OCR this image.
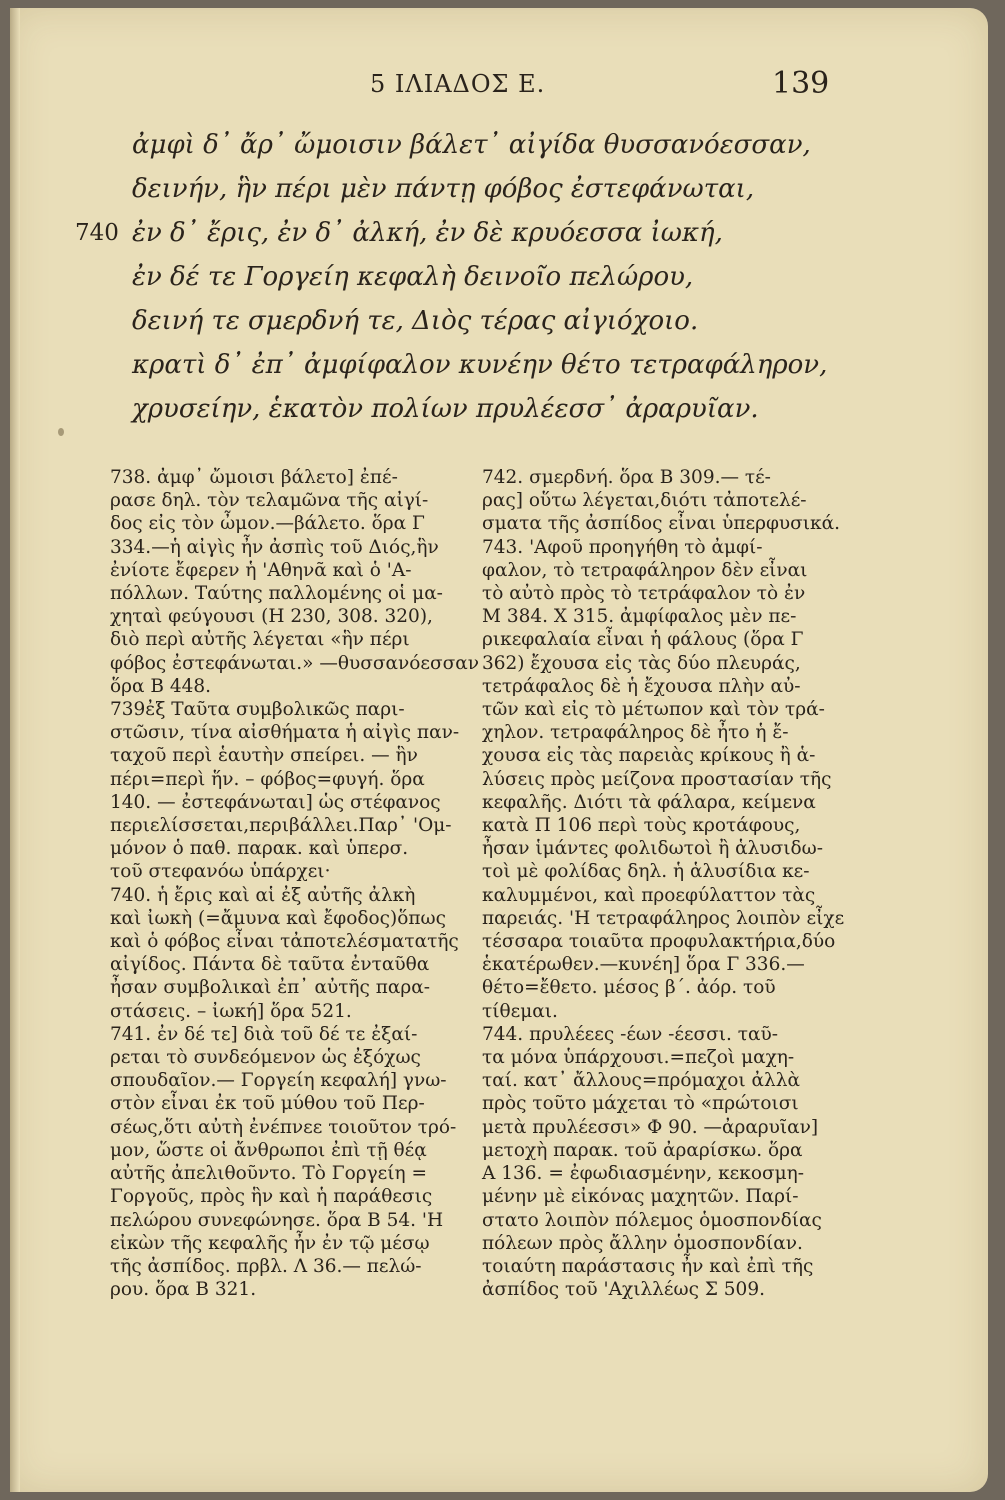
5 ΙΛΙΑΔΟΣ Ε.	139
ἀμφὶ δ᾽ ἄρ᾽ ὤμοισιν βάλετ᾽ αἰγίδα θυσσανόεσσαν,
δεινήν, ἣν πέρι μὲν πάντῃ φόβος ἐστεφάνωται,
740 ἐν δ᾽ ἔρις, ἐν δ᾽ ἀλκή, ἐν δὲ κρυόεσσα ἰωκή,
ἐν δέ τε Γοργείη κεφαλὴ δεινοῖο πελώρου,
δεινή τε σμερδνή τε, Διὸς τέρας αἰγιόχοιο.
κρατὶ δ᾽ ἐπ᾽ ἀμφίφαλον κυνέην θέτο τετραφάληρον,
χρυσείην, ἑκατὸν πολίων πρυλέεσσ᾽ ἀραρυῖαν.

738. ἀμφ᾽ ὤμοισι βάλετο] ἐπέ-

ρασε δηλ. τὸν τελαμῶνα τῆς αἰγί-

δος εἰς τὸν ὦμον.—βάλετο. ὅρα Γ

334.—ἡ αἰγὶς ἦν ἀσπὶς τοῦ Διός,ἣν

ἐνίοτε ἔφερεν ἡ 'Αθηνᾶ καὶ ὁ 'Α-

πόλλων. Ταύτης παλλομένης οἱ μα-

χηταὶ φεύγουσι (Η 230, 308. 320),

διὸ περὶ αὐτῆς λέγεται «ἣν πέρι

φόβος ἐστεφάνωται.» —θυσσανόεσσαν

ὅρα Β 448.

739ἐξ Ταῦτα συμβολικῶς παρι-

στῶσιν, τίνα αἰσθήματα ἡ αἰγὶς παν-

ταχοῦ περὶ ἑαυτὴν σπείρει. — ἣν

πέρι=περὶ ἥν. – φόβος=φυγή. ὅρα

140. — ἐστεφάνωται] ὡς στέφανος

περιελίσσεται,περιβάλλει.Παρ᾽ 'Ομ-

μόνον ὁ παθ. παρακ. καὶ ὑπερσ.

τοῦ στεφανόω ὑπάρχει·

740. ἡ ἔρις καὶ αἱ ἐξ αὐτῆς ἀλκὴ

καὶ ἰωκὴ (=ἄμυνα καὶ ἔφοδος)ὅπως

καὶ ὁ φόβος εἶναι τἀποτελέσματατῆς

αἰγίδος. Πάντα δὲ ταῦτα ἐνταῦθα

ἦσαν συμβολικαὶ ἐπ᾽ αὐτῆς παρα-

στάσεις. – ἰωκή] ὅρα 521.

741. ἐν δέ τε] διὰ τοῦ δέ τε ἐξαί-

ρεται τὸ συνδεόμενον ὡς ἐξόχως

σπουδαῖον.— Γοργείη κεφαλή] γνω-

στὸν εἶναι ἐκ τοῦ μύθου τοῦ Περ-

σέως,ὅτι αὐτὴ ἐνέπνεε τοιοῦτον τρό-

μον, ὥστε οἱ ἄνθρωποι ἐπὶ τῇ θέᾳ

αὐτῆς ἀπελιθοῦντο. Τὸ Γοργείη =

Γοργοῦς, πρὸς ἣν καὶ ἡ παράθεσις

πελώρου συνεφώνησε. ὅρα Β 54. 'Η

εἰκὼν τῆς κεφαλῆς ἦν ἐν τῷ μέσῳ

τῆς ἀσπίδος. πρβλ. Λ 36.— πελώ-

ρου. ὅρα Β 321.

742. σμερδνή. ὅρα Β 309.— τέ-

ρας] οὕτω λέγεται,διότι τἀποτελέ-

σματα τῆς ἀσπίδος εἶναι ὑπερφυσικά.

743. 'Αφοῦ προηγήθη τὸ ἀμφί-

φαλον, τὸ τετραφάληρον δὲν εἶναι

τὸ αὐτὸ πρὸς τὸ τετράφαλον τὸ ἐν

Μ 384. Χ 315. ἀμφίφαλος μὲν πε-

ρικεφαλαία εἶναι ἡ φάλους (ὅρα Γ

362) ἔχουσα εἰς τὰς δύο πλευράς,

τετράφαλος δὲ ἡ ἔχουσα πλὴν αὐ-

τῶν καὶ εἰς τὸ μέτωπον καὶ τὸν τρά-

χηλον. τετραφάληρος δὲ ἦτο ἡ ἔ-

χουσα εἰς τὰς παρειὰς κρίκους ἢ ἁ-

λύσεις πρὸς μείζονα προστασίαν τῆς

κεφαλῆς. Διότι τὰ φάλαρα, κείμενα

κατὰ Π 106 περὶ τοὺς κροτάφους,

ἦσαν ἱμάντες φολιδωτοὶ ἢ ἁλυσιδω-

τοὶ μὲ φολίδας δηλ. ἡ ἁλυσίδια κε-

καλυμμένοι, καὶ προεφύλαττον τὰς

παρειάς. 'Η τετραφάληρος λοιπὸν εἶχε

τέσσαρα τοιαῦτα προφυλακτήρια,δύο

ἑκατέρωθεν.—κυνέη] ὅρα Γ 336.—

θέτο=ἔθετο. μέσος β΄. ἀόρ. τοῦ

τίθεμαι.

744. πρυλέεες -έων -έεσσι. ταῦ-

τα μόνα ὑπάρχουσι.=πεζοὶ μαχη-

ταί. κατ᾽ ἄλλους=πρόμαχοι ἀλλὰ

πρὸς τοῦτο μάχεται τὸ «πρώτοισι

μετὰ πρυλέεσσι» Φ 90. —ἀραρυῖαν]

μετοχὴ παρακ. τοῦ ἀραρίσκω. ὅρα

Α 136. = ἐφωδιασμένην, κεκοσμη-

μένην μὲ εἰκόνας μαχητῶν. Παρί-

στατο λοιπὸν πόλεμος ὁμοσπονδίας

πόλεων πρὸς ἄλλην ὁμοσπονδίαν.

τοιαύτη παράστασις ἦν καὶ ἐπὶ τῆς

ἀσπίδος τοῦ 'Αχιλλέως Σ 509.
